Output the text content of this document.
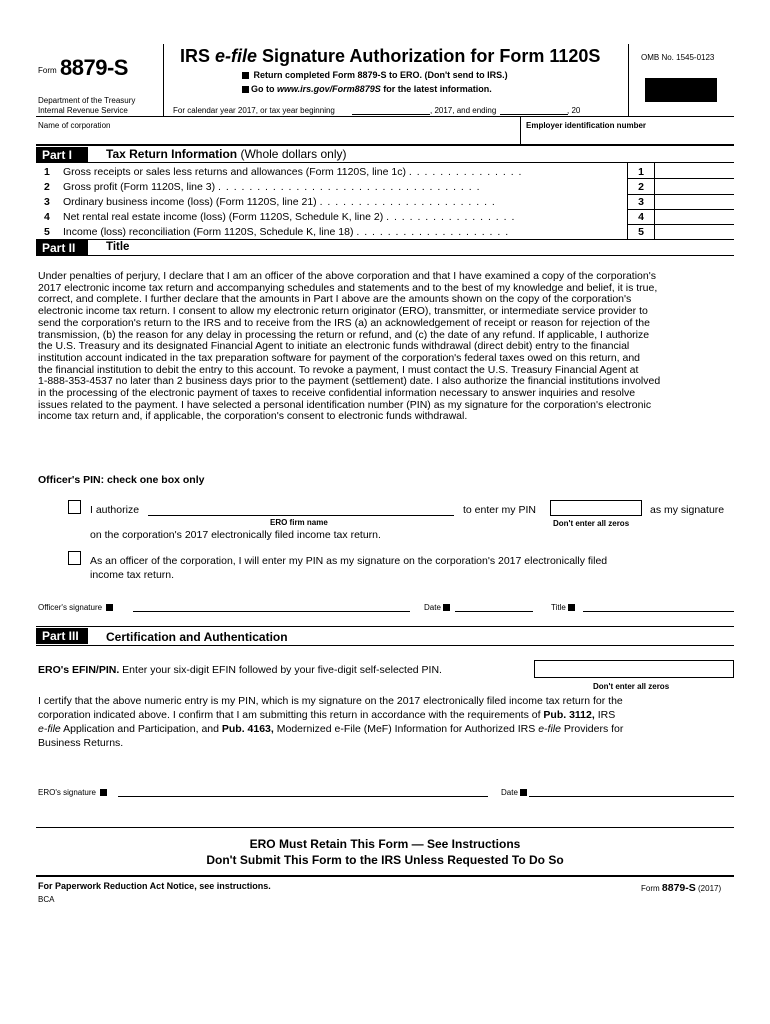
Form 8879-S
Department of the Treasury
Internal Revenue Service
IRS e-file Signature Authorization for Form 1120S
Return completed Form 8879-S to ERO. (Don't send to IRS.)
Go to www.irs.gov/Form8879S for the latest information.
OMB No. 1545-0123
For calendar year 2017, or tax year beginning	, 2017, and ending	, 20
Name of corporation	Employer identification number
Part I	Tax Return Information (Whole dollars only)
1 Gross receipts or sales less returns and allowances (Form 1120S, line 1c) . . . . . . . . . . . . . . .	1
2 Gross profit (Form 1120S, line 3) . . . . . . . . . . . . . . . . . . . . . . . . . . . . . . . . . .	2
3 Ordinary business income (loss) (Form 1120S, line 21) . . . . . . . . . . . . . . . . . . . . . . .	3
4 Net rental real estate income (loss) (Form 1120S, Schedule K, line 2) . . . . . . . . . . . . . . . . .	4
5 Income (loss) reconciliation (Form 1120S, Schedule K, line 18) . . . . . . . . . . . . . . . . . . . .	5
Part II	Title
Under penalties of perjury, I declare that I am an officer of the above corporation and that I have examined a copy of the corporation's
2017 electronic income tax return and accompanying schedules and statements and to the best of my knowledge and belief, it is true,
correct, and complete. I further declare that the amounts in Part I above are the amounts shown on the copy of the corporation's
electronic income tax return. I consent to allow my electronic return originator (ERO), transmitter, or intermediate service provider to
send the corporation's return to the IRS and to receive from the IRS (a) an acknowledgement of receipt or reason for rejection of the
transmission, (b) the reason for any delay in processing the return or refund, and (c) the date of any refund. If applicable, I authorize
the U.S. Treasury and its designated Financial Agent to initiate an electronic funds withdrawal (direct debit) entry to the financial
institution account indicated in the tax preparation software for payment of the corporation's federal taxes owed on this return, and
the financial institution to debit the entry to this account. To revoke a payment, I must contact the U.S. Treasury Financial Agent at
1-888-353-4537 no later than 2 business days prior to the payment (settlement) date. I also authorize the financial institutions involved
in the processing of the electronic payment of taxes to receive confidential information necessary to answer inquiries and resolve
issues related to the payment. I have selected a personal identification number (PIN) as my signature for the corporation's electronic
income tax return and, if applicable, the corporation's consent to electronic funds withdrawal.
Officer's PIN: check one box only
I authorize
ERO firm name
to enter my PIN
Don't enter all zeros
as my signature
on the corporation's 2017 electronically filed income tax return.
As an officer of the corporation, I will enter my PIN as my signature on the corporation's 2017 electronically filed
income tax return.
Officer's signature	Date	Title
Part III	Certification and Authentication
ERO's EFIN/PIN. Enter your six-digit EFIN followed by your five-digit self-selected PIN.
Don't enter all zeros
I certify that the above numeric entry is my PIN, which is my signature on the 2017 electronically filed income tax return for the
corporation indicated above. I confirm that I am submitting this return in accordance with the requirements of Pub. 3112, IRS
e-file Application and Participation, and Pub. 4163, Modernized e-File (MeF) Information for Authorized IRS e-file Providers for
Business Returns.
ERO's signature	Date
ERO Must Retain This Form — See Instructions
Don't Submit This Form to the IRS Unless Requested To Do So
For Paperwork Reduction Act Notice, see instructions.
BCA
Form 8879-S (2017)
